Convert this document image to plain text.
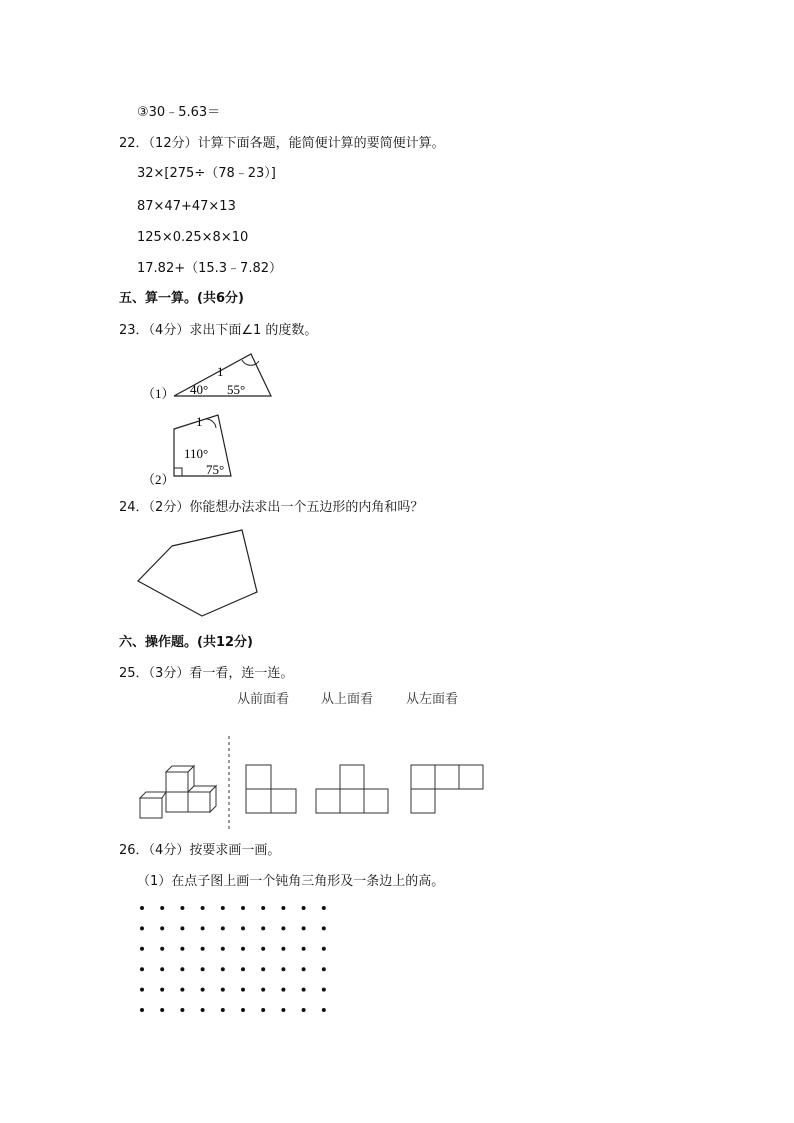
③30﹣5.63＝
22．（12分）计算下面各题，能简便计算的要简便计算。
32×[275÷（78﹣23）]
87×47+47×13
125×0.25×8×10
17.82+（15.3﹣7.82）
五、算一算。(共6分)
23．（4分）求出下面∠1 的度数。
（1）
1
40° 55°
（2）
1
110°
75°
24．（2分）你能想办法求出一个五边形的内角和吗？
六、操作题。(共12分)
25．（3分）看一看，连一连。
从前面看 从上面看	从左面看
26．（4分）按要求画一画。
（1）在点子图上画一个钝角三角形及一条边上的高。
